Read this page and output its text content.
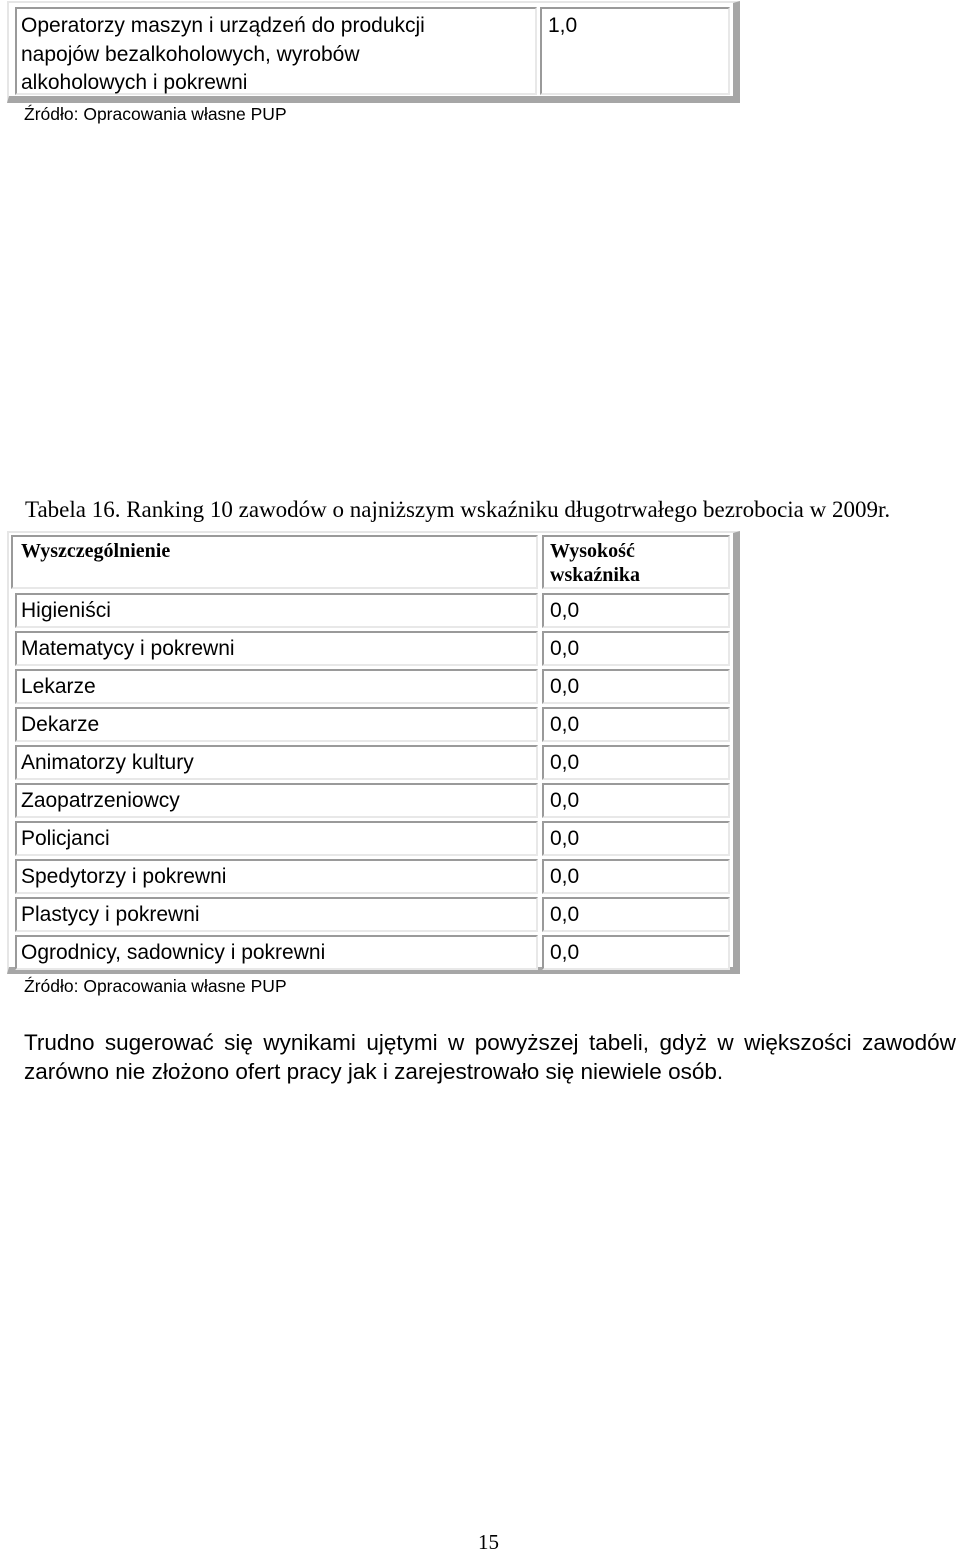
Operatorzy maszyn i urządzeń do produkcji
napojów bezalkoholowych, wyrobów
alkoholowych i pokrewni
1,0
Źródło: Opracowania własne PUP
Tabela 16. Ranking 10 zawodów o najniższym wskaźniku długotrwałego bezrobocia w 2009r.
Wyszczególnienie	Wysokość
wskaźnika
Higieniści	0,0
Matematycy i pokrewni	0,0
Lekarze	0,0
Dekarze	0,0
Animatorzy kultury	0,0
Zaopatrzeniowcy	0,0
Policjanci	0,0
Spedytorzy i pokrewni	0,0
Plastycy i pokrewni	0,0
Ogrodnicy, sadownicy i pokrewni	0,0
Źródło: Opracowania własne PUP
Trudno sugerować się wynikami ujętymi w powyższej tabeli, gdyż w większości zawodów
zarówno nie złożono ofert pracy jak i zarejestrowało się niewiele osób.
15
